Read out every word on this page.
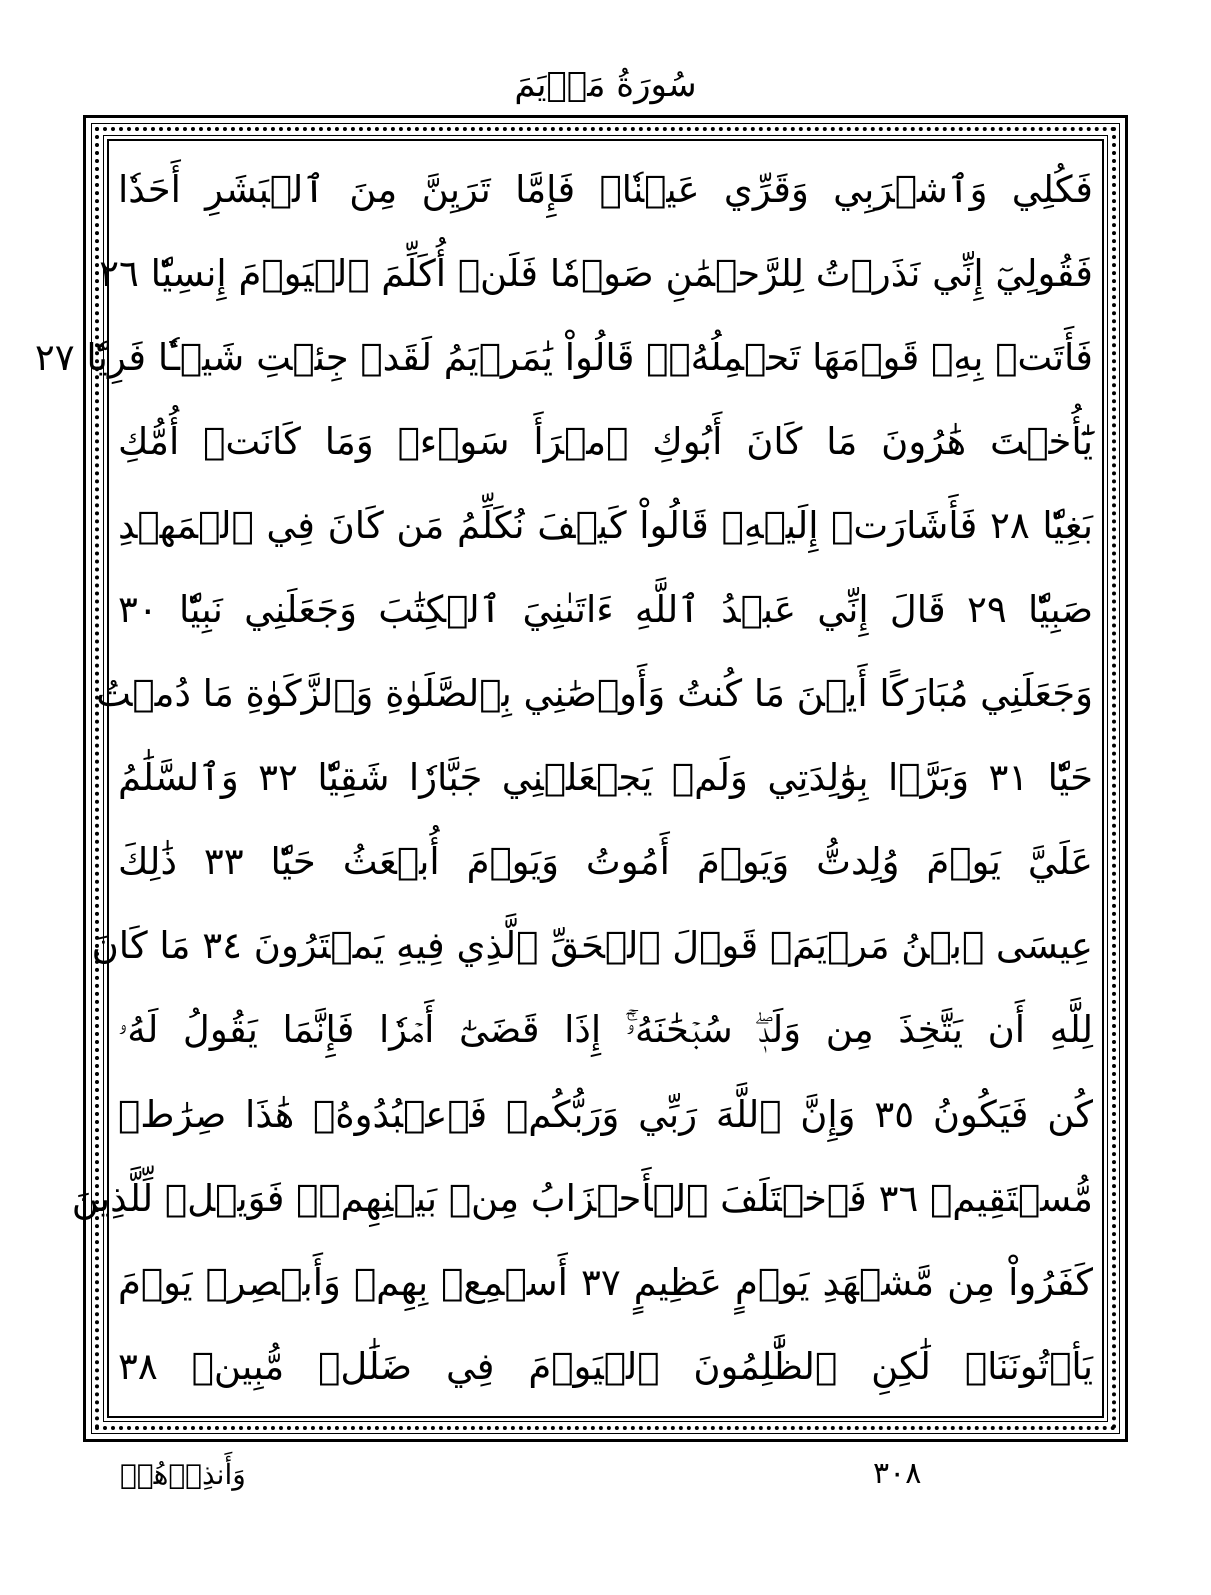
سُورَةُ مَرۡيَمَ
فَكُلِي وَٱشۡرَبِي وَقَرِّي عَيۡنٗاۖ فَإِمَّا تَرَيِنَّ مِنَ ٱلۡبَشَرِ أَحَدٗا
فَقُولِيٓ إِنِّي نَذَرۡتُ لِلرَّحۡمَٰنِ صَوۡمٗا فَلَنۡ أُكَلِّمَ ٱلۡيَوۡمَ إِنسِيّٗا ٢٦
فَأَتَتۡ بِهِۦ قَوۡمَهَا تَحۡمِلُهُۥۖ قَالُواْ يَٰمَرۡيَمُ لَقَدۡ جِئۡتِ شَيۡـٔٗا فَرِيّٗا ٢٧
يَٰٓأُخۡتَ هَٰرُونَ مَا كَانَ أَبُوكِ ٱمۡرَأَ سَوۡءٖ وَمَا كَانَتۡ أُمُّكِ
بَغِيّٗا ٢٨ فَأَشَارَتۡ إِلَيۡهِۖ قَالُواْ كَيۡفَ نُكَلِّمُ مَن كَانَ فِي ٱلۡمَهۡدِ
صَبِيّٗا ٢٩ قَالَ إِنِّي عَبۡدُ ٱللَّهِ ءَاتَىٰنِيَ ٱلۡكِتَٰبَ وَجَعَلَنِي نَبِيّٗا ٣٠
وَجَعَلَنِي مُبَارَكًا أَيۡنَ مَا كُنتُ وَأَوۡصَٰنِي بِٱلصَّلَوٰةِ وَٱلزَّكَوٰةِ مَا دُمۡتُ
حَيّٗا ٣١ وَبَرَّۢا بِوَٰلِدَتِي وَلَمۡ يَجۡعَلۡنِي جَبَّارٗا شَقِيّٗا ٣٢ وَٱلسَّلَٰمُ
عَلَيَّ يَوۡمَ وُلِدتُّ وَيَوۡمَ أَمُوتُ وَيَوۡمَ أُبۡعَثُ حَيّٗا ٣٣ ذَٰلِكَ
عِيسَى ٱبۡنُ مَرۡيَمَۖ قَوۡلَ ٱلۡحَقِّ ٱلَّذِي فِيهِ يَمۡتَرُونَ ٣٤ مَا كَانَ
لِلَّهِ أَن يَتَّخِذَ مِن وَلَدٖۖ سُبۡحَٰنَهُۥٓۚ إِذَا قَضَىٰٓ أَمۡرٗا فَإِنَّمَا يَقُولُ لَهُۥ
كُن فَيَكُونُ ٣٥ وَإِنَّ ٱللَّهَ رَبِّي وَرَبُّكُمۡ فَٱعۡبُدُوهُۚ هَٰذَا صِرَٰطٞ
مُّسۡتَقِيمٞ ٣٦ فَٱخۡتَلَفَ ٱلۡأَحۡزَابُ مِنۢ بَيۡنِهِمۡۖ فَوَيۡلٞ لِّلَّذِينَ
كَفَرُواْ مِن مَّشۡهَدِ يَوۡمٍ عَظِيمٍ ٣٧ أَسۡمِعۡ بِهِمۡ وَأَبۡصِرۡ يَوۡمَ
يَأۡتُونَنَاۖ لَٰكِنِ ٱلظَّٰلِمُونَ ٱلۡيَوۡمَ فِي ضَلَٰلٖ مُّبِينٖ ٣٨
وَأَنذِرۡهُمۡ	٣٠٨
